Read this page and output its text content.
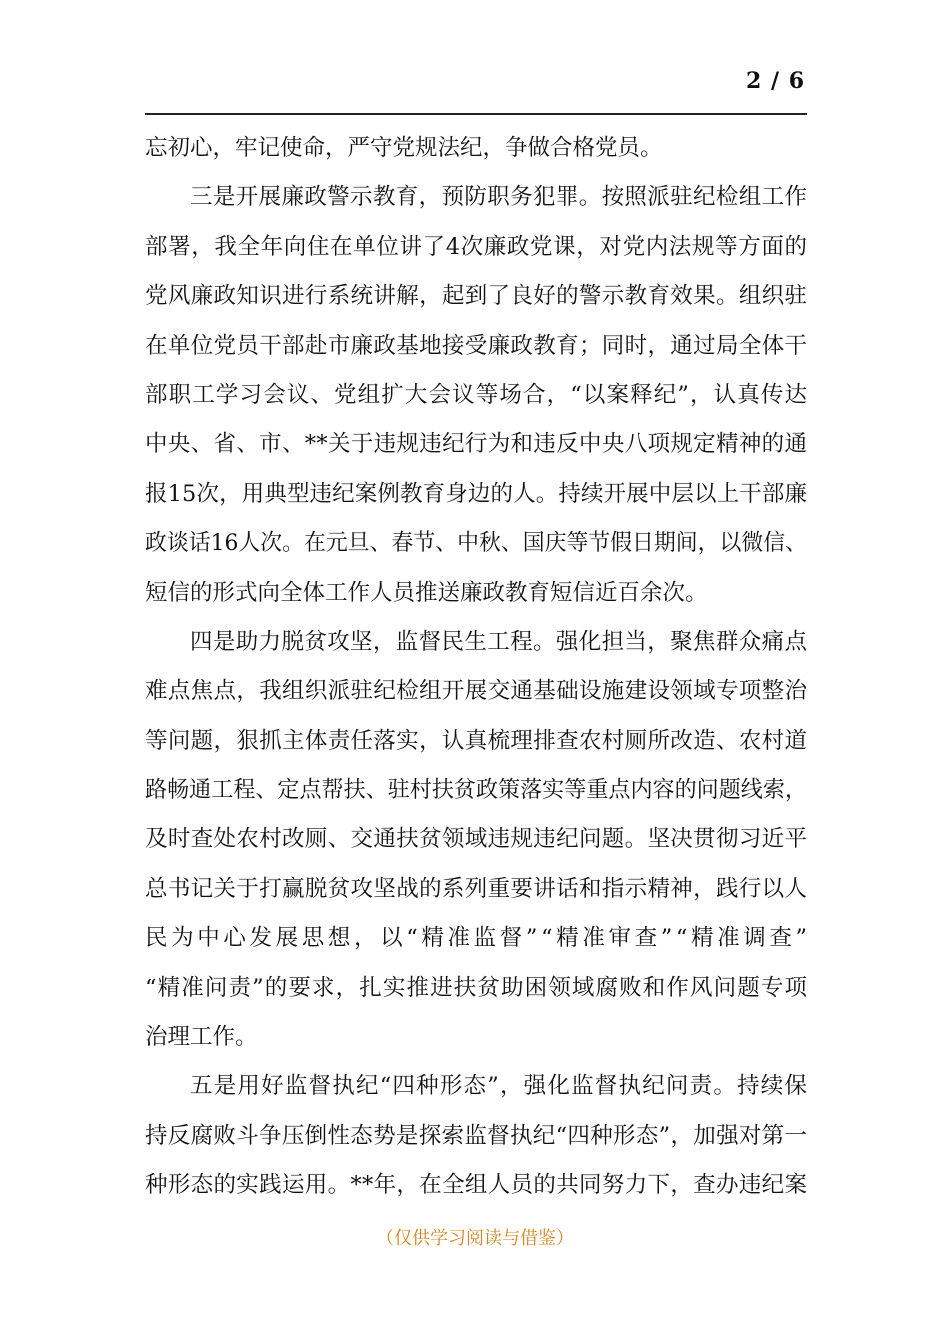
2 / 6
忘初心，牢记使命，严守党规法纪，争做合格党员。
三是开展廉政警示教育，预防职务犯罪。按照派驻纪检组工作
部署，我全年向住在单位讲了4次廉政党课，对党内法规等方面的
党风廉政知识进行系统讲解，起到了良好的警示教育效果。组织驻
在单位党员干部赴市廉政基地接受廉政教育；同时，通过局全体干
部职工学习会议、党组扩大会议等场合，“以案释纪”，认真传达
中央、省、市、**关于违规违纪行为和违反中央八项规定精神的通
报15次，用典型违纪案例教育身边的人。持续开展中层以上干部廉
政谈话16人次。在元旦、春节、中秋、国庆等节假日期间，以微信、
短信的形式向全体工作人员推送廉政教育短信近百余次。
四是助力脱贫攻坚，监督民生工程。强化担当，聚焦群众痛点
难点焦点，我组织派驻纪检组开展交通基础设施建设领域专项整治
等问题，狠抓主体责任落实，认真梳理排查农村厕所改造、农村道
路畅通工程、定点帮扶、驻村扶贫政策落实等重点内容的问题线索，
及时查处农村改厕、交通扶贫领域违规违纪问题。坚决贯彻习近平
总书记关于打赢脱贫攻坚战的系列重要讲话和指示精神，践行以人
民为中心发展思想，以“精准监督”“精准审查”“精准调查”
“精准问责”的要求，扎实推进扶贫助困领域腐败和作风问题专项
治理工作。
五是用好监督执纪“四种形态”，强化监督执纪问责。持续保
持反腐败斗争压倒性态势是探索监督执纪“四种形态”，加强对第一
种形态的实践运用。**年，在全组人员的共同努力下，查办违纪案
（仅供学习阅读与借鉴）
